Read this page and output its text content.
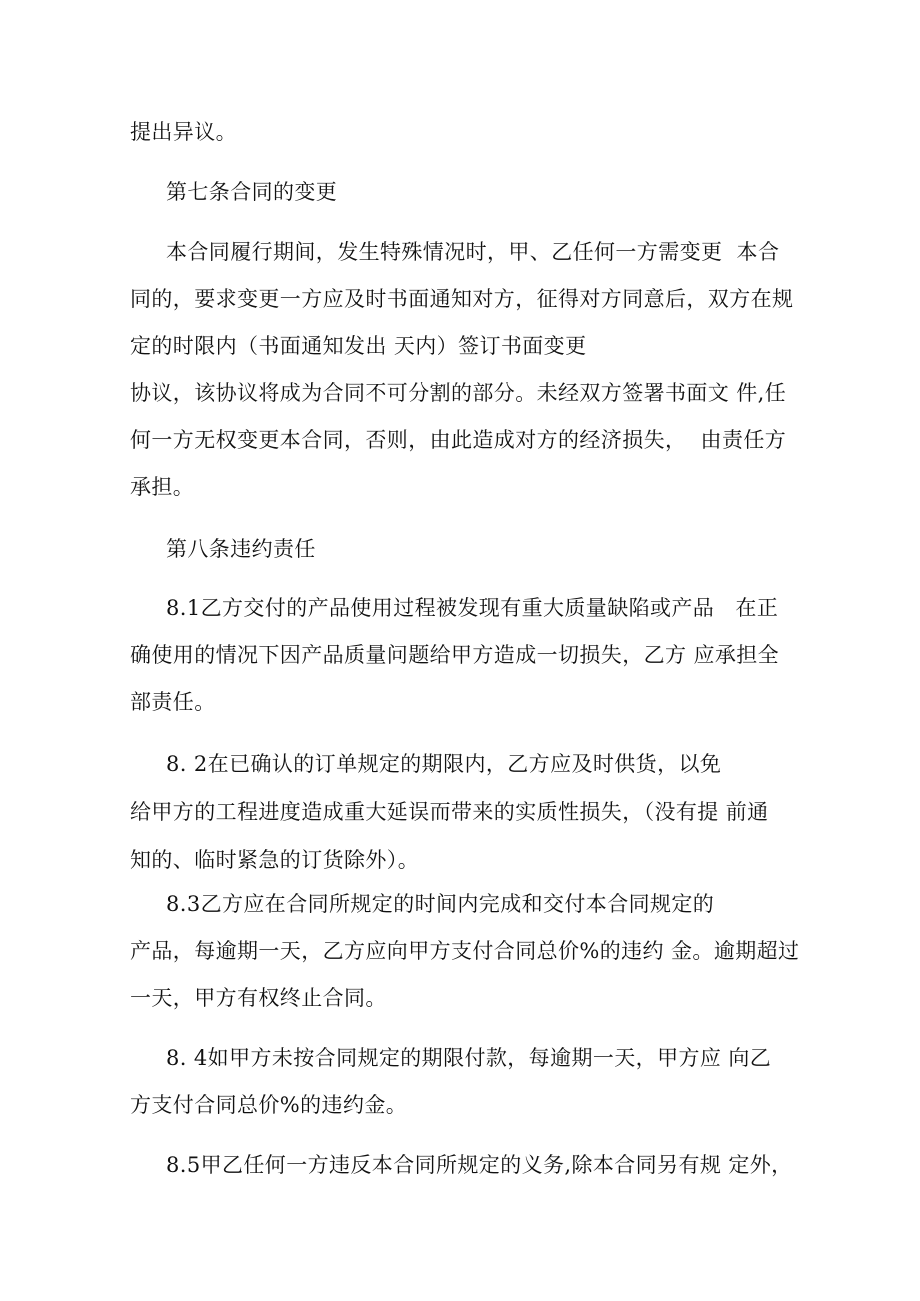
提出异议。
第七条合同的变更
本合同履行期间，发生特殊情况时，甲、乙任何一方需变更  本合
同的，要求变更一方应及时书面通知对方，征得对方同意后，双方在规
定的时限内（书面通知发出 天内）签订书面变更
协议，该协议将成为合同不可分割的部分。未经双方签署书面文 件,任
何一方无权变更本合同，否则，由此造成对方的经济损失，  由责任方
承担。
第八条违约责任
8.1乙方交付的产品使用过程被发现有重大质量缺陷或产品   在正
确使用的情况下因产品质量问题给甲方造成一切损失，乙方 应承担全
部责任。
8. 2在已确认的订单规定的期限内，乙方应及时供货，以免
给甲方的工程进度造成重大延误而带来的实质性损失，（没有提 前通
知的、临时紧急的订货除外）。
8.3乙方应在合同所规定的时间内完成和交付本合同规定的
产品，每逾期一天，乙方应向甲方支付合同总价%的违约 金。逾期超过
一天，甲方有权终止合同。
8. 4如甲方未按合同规定的期限付款，每逾期一天，甲方应 向乙
方支付合同总价%的违约金。
8.5甲乙任何一方违反本合同所规定的义务,除本合同另有规 定外，
